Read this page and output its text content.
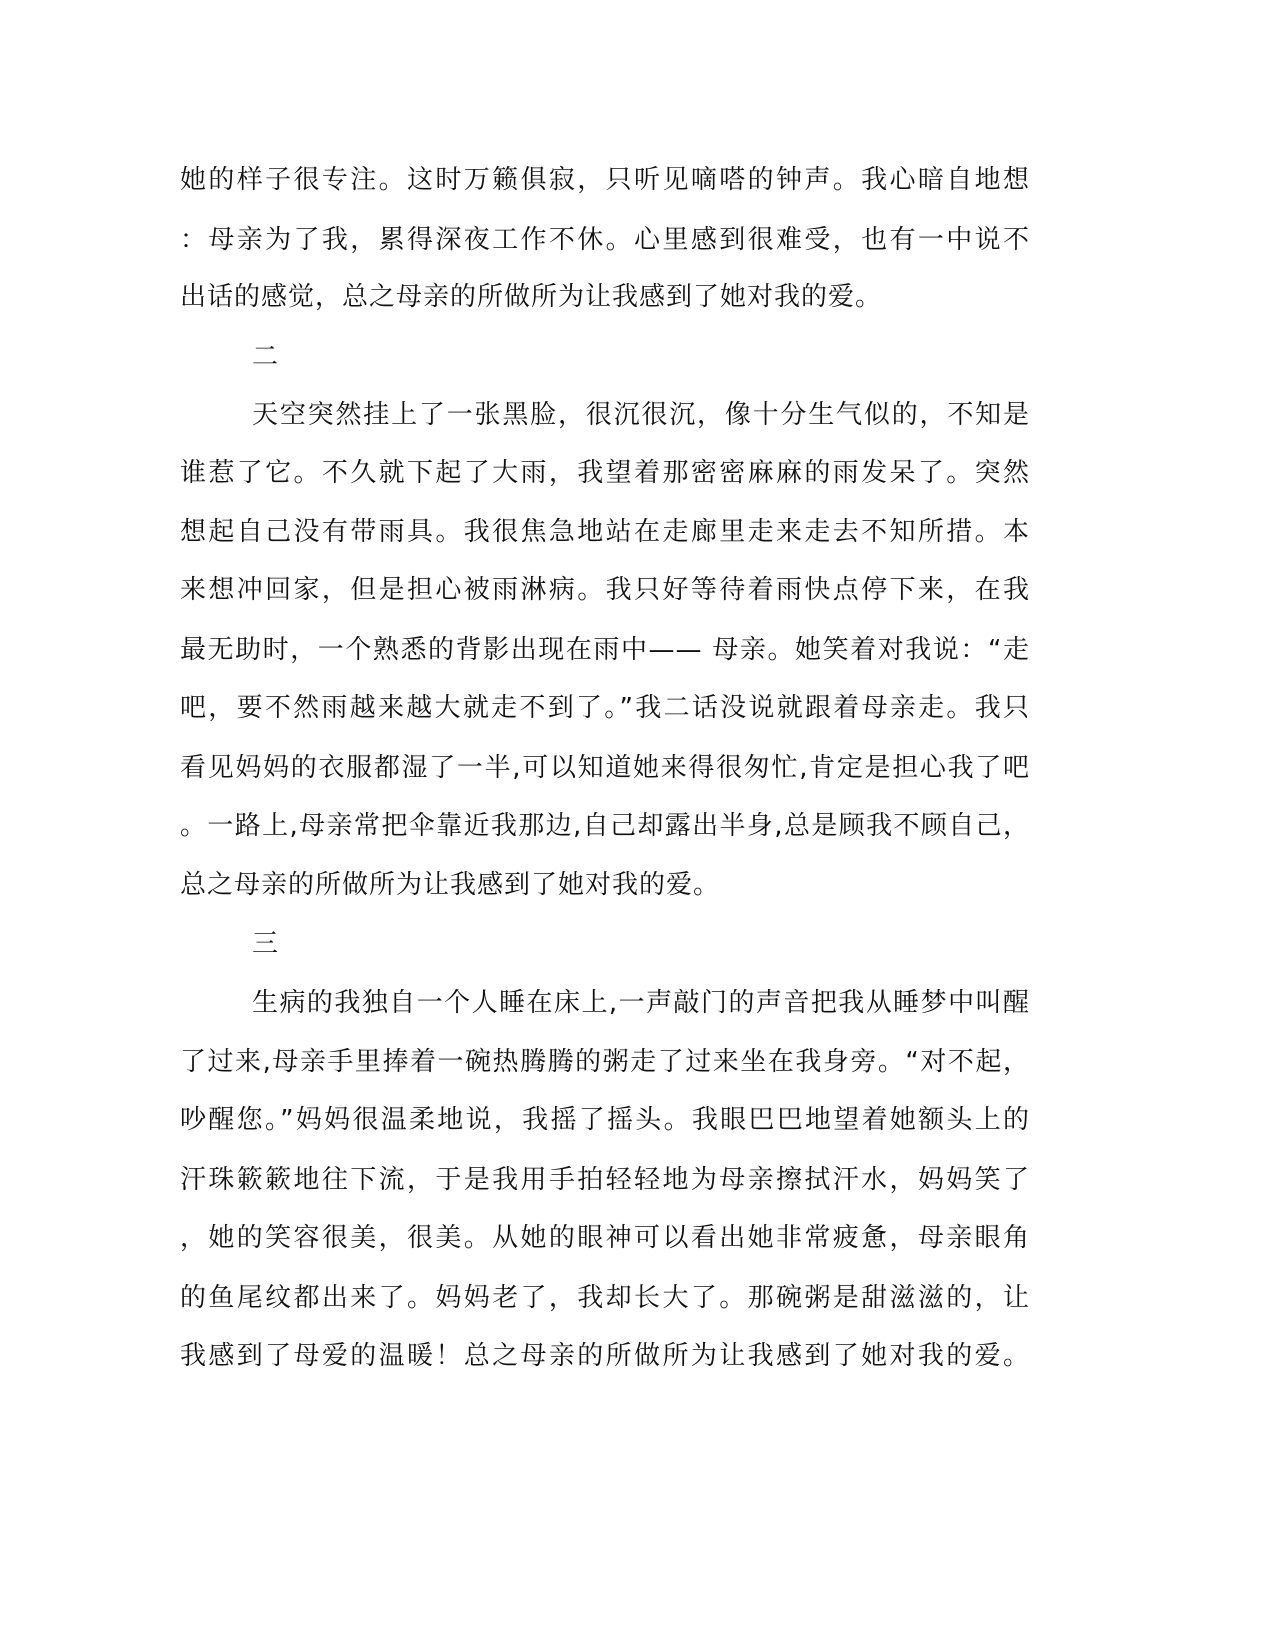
她的样子很专注。这时万籁俱寂，只听见嘀嗒的钟声。我心暗自地想
：母亲为了我，累得深夜工作不休。心里感到很难受，也有一中说不
出话的感觉，总之母亲的所做所为让我感到了她对我的爱。
二
天空突然挂上了一张黑脸，很沉很沉，像十分生气似的，不知是
谁惹了它。不久就下起了大雨，我望着那密密麻麻的雨发呆了。突然
想起自己没有带雨具。我很焦急地站在走廊里走来走去不知所措。本
来想冲回家，但是担心被雨淋病。我只好等待着雨快点停下来，在我
最无助时，一个熟悉的背影出现在雨中—— 母亲。她笑着对我说：“走
吧，要不然雨越来越大就走不到了。”我二话没说就跟着母亲走。我只
看见妈妈的衣服都湿了一半,可以知道她来得很匆忙,肯定是担心我了吧
。一路上,母亲常把伞靠近我那边,自己却露出半身,总是顾我不顾自己，
总之母亲的所做所为让我感到了她对我的爱。
三
生病的我独自一个人睡在床上,一声敲门的声音把我从睡梦中叫醒
了过来,母亲手里捧着一碗热腾腾的粥走了过来坐在我身旁。“对不起，
吵醒您。”妈妈很温柔地说，我摇了摇头。我眼巴巴地望着她额头上的
汗珠簌簌地往下流，于是我用手拍轻轻地为母亲擦拭汗水，妈妈笑了
，她的笑容很美，很美。从她的眼神可以看出她非常疲惫，母亲眼角
的鱼尾纹都出来了。妈妈老了，我却长大了。那碗粥是甜滋滋的，让
我感到了母爱的温暖！总之母亲的所做所为让我感到了她对我的爱。
